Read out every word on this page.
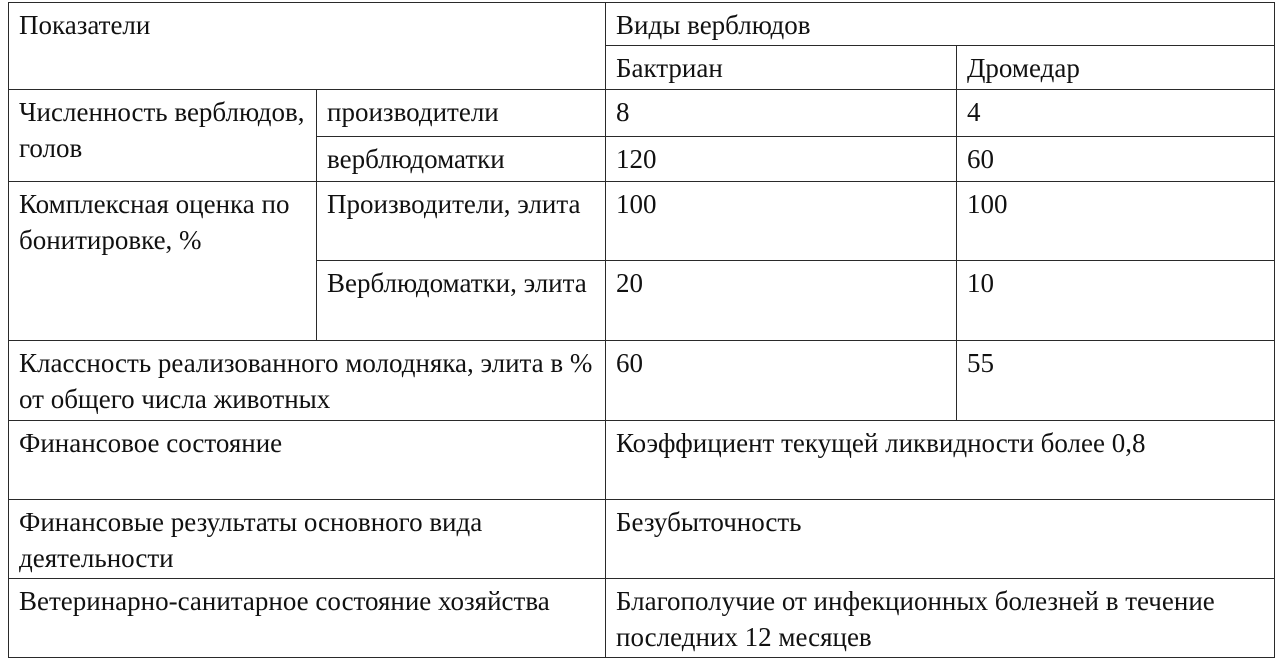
Показатели		Виды верблюдов	
		Бактриан	Дромедар
Численность верблюдов, голов	производители	8	4
	верблюдоматки	120	60
Комплексная оценка по бонитировке, %	Производители, элита	100	100
	Верблюдоматки, элита	20	10
Классность реализованного молодняка, элита в % от общего числа животных		60	55
Финансовое состояние		Коэффициент текущей ликвидности более 0,8	
Финансовые результаты основного вида деятельности		Безубыточность	
Ветеринарно-санитарное состояние хозяйства		Благополучие от инфекционных болезней в течение последних 12 месяцев	
